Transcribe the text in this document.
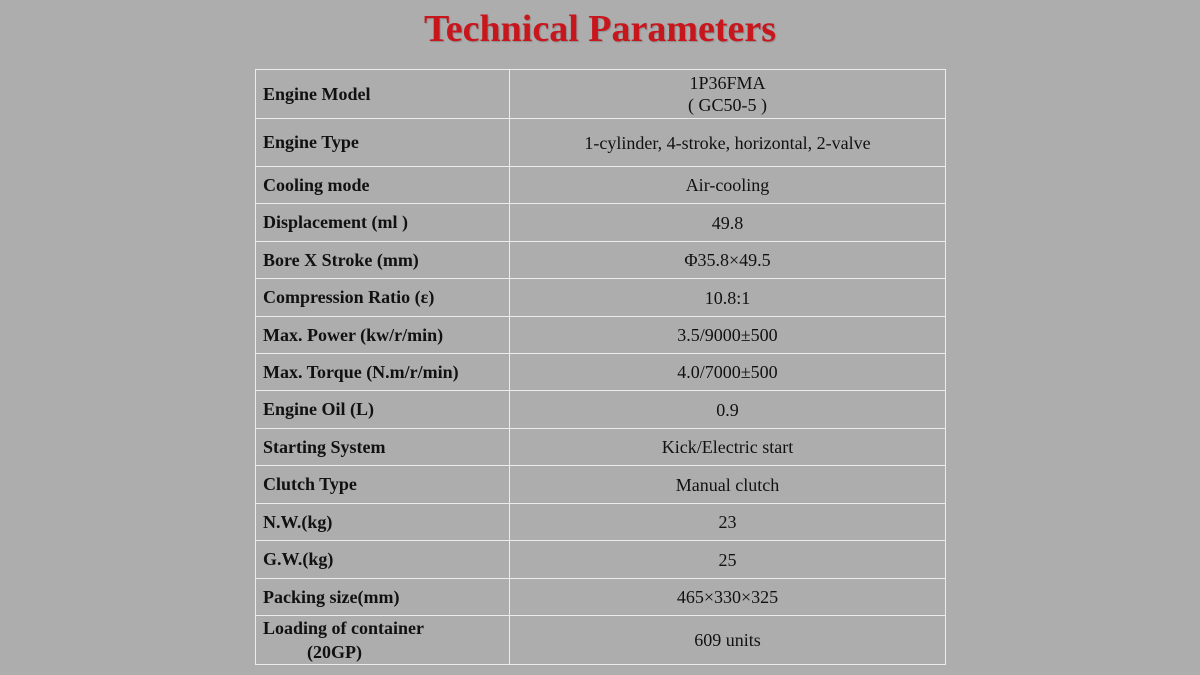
Technical Parameters
Engine Model	1P36FMA
( GC50-5 )

Engine Type	1-cylinder, 4-stroke, horizontal, 2-valve
Cooling mode	Air-cooling
Displacement (ml )	49.8
Bore X Stroke (mm)	Φ35.8×49.5
Compression Ratio (ε)	10.8:1
Max. Power (kw/r/min)	3.5/9000±500
Max. Torque (N.m/r/min)	4.0/7000±500
Engine Oil (L)	0.9
Starting System	Kick/Electric start
Clutch Type	Manual clutch
N.W.(kg)	23
G.W.(kg)	25
Packing size(mm)	465×330×325

Loading of container
(20GP)	609 units
